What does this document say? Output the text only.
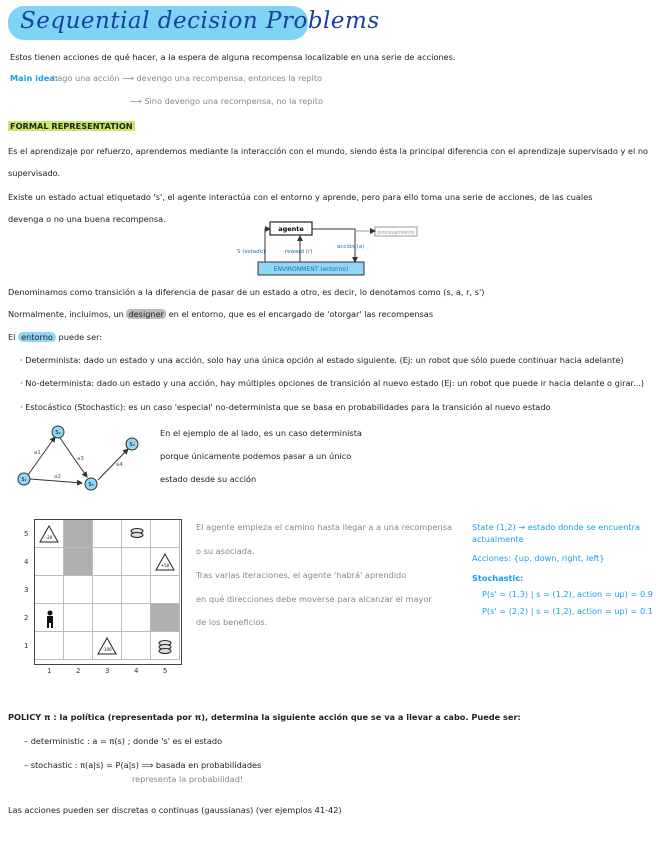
Sequential decision Problems
Estos tienen acciones de qué hacer, a la espera de alguna recompensa localizable en una serie de acciones.
Main idea:
hago una acción ⟶ devengo una recompensa, entonces la repito
⟶ Sino devengo una recompensa, no la repito
FORMAL REPRESENTATION
Es el aprendizaje por refuerzo, aprendemos mediante la interacción con el mundo, siendo ésta la principal diferencia con el aprendizaje supervisado y el no
supervisado.
Existe un estado actual etiquetado 's', el agente interactúa con el entorno y aprende, pero para ello toma una serie de acciones, de las cuales
devenga o no una buena recompensa.
agente
ENVIRONMENT (entorno)
S (estado)	reward (r)
acción (a)
procesamiento
Denominamos como transición a la diferencia de pasar de un estado a otro, es decir, lo denotamos como (s, a, r, s')
Normalmente, incluimos, un designer en el entorno, que es el encargado de 'otorgar' las recompensas
El entorno puede ser:
· Determinista: dado un estado y una acción, solo hay una única opción al estado siguiente. (Ej: un robot que sólo puede continuar hacia adelante)
· No-determinista: dado un estado y una acción, hay múltiples opciones de transición al nuevo estado (Ej: un robot que puede ir hacia delante o girar...)
· Estocástico (Stochastic): es un caso 'especial' no-determinista que se basa en probabilidades para la transición al nuevo estado
S₁
S₂
S₃
S₄
a1
a2
a3
a4
En el ejemplo de al lado, es un caso determinista
porque únicamente podemos pasar a un único
estado desde su acción
-20
+50
-100
5
4
3
2
1
1	2	3	4	5
El agente empieza el camino hasta llegar a a una recompensa
o su asociada.
Tras varias iteraciones, el agente 'habrá' aprendido
en qué direcciones debe moverse para alcanzar el mayor
de los beneficios.
State (1,2) → estado donde se encuentra
actualmente
Acciones: {up, down, right, left}
Stochastic:
P(s' = (1,3) | s = (1,2), action = up) = 0.9
P(s' = (2,2) | s = (1,2), action = up) = 0.1
POLICY π : la política (representada por π), determina la siguiente acción que se va a llevar a cabo. Puede ser:
– deterministic : a = π(s) ; donde 's' es el estado
– stochastic : π(a|s) = P(a|s) ⟹ basada en probabilidades
representa la probabilidad!
Las acciones pueden ser discretas o continuas (gaussianas) (ver ejemplos 41-42)
